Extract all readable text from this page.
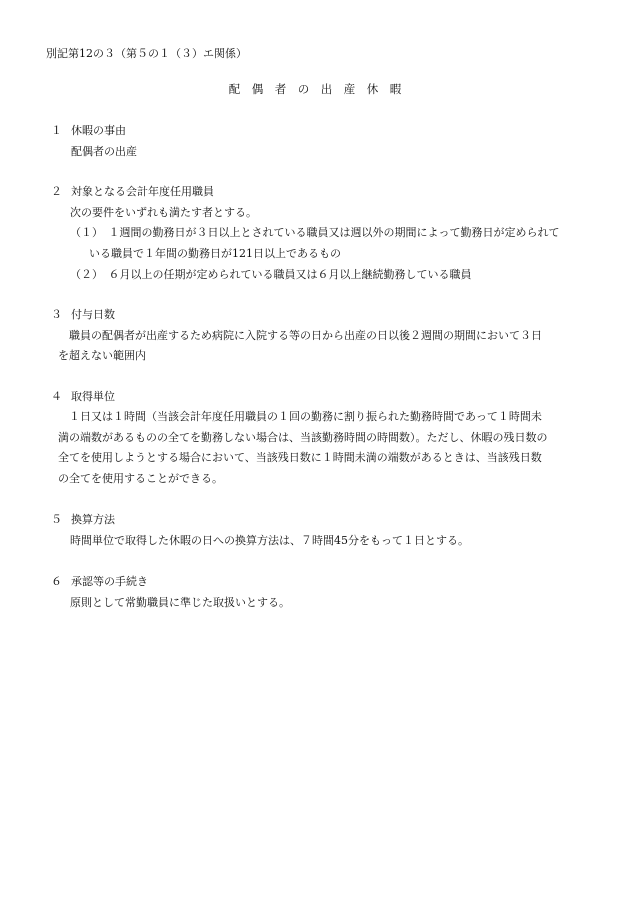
別記第12の３（第５の１（３）エ関係）
配　偶　者　の　出　産　休　暇
１ 休暇の事由
配偶者の出産
２ 対象となる会計年度任用職員
次の要件をいずれも満たす者とする。
（１）　１週間の勤務日が３日以上とされている職員又は週以外の期間によって勤務日が定められて
いる職員で１年間の勤務日が121日以上であるもの
（２）　６月以上の任期が定められている職員又は６月以上継続勤務している職員
３ 付与日数
　職員の配偶者が出産するため病院に入院する等の日から出産の日以後２週間の期間において３日
を超えない範囲内
４ 取得単位
　１日又は１時間（当該会計年度任用職員の１回の勤務に割り振られた勤務時間であって１時間未
満の端数があるものの全てを勤務しない場合は、当該勤務時間の時間数）。ただし、休暇の残日数の
全てを使用しようとする場合において、当該残日数に１時間未満の端数があるときは、当該残日数
の全てを使用することができる。
５ 換算方法
時間単位で取得した休暇の日への換算方法は、７時間45分をもって１日とする。
６ 承認等の手続き
原則として常勤職員に準じた取扱いとする。
